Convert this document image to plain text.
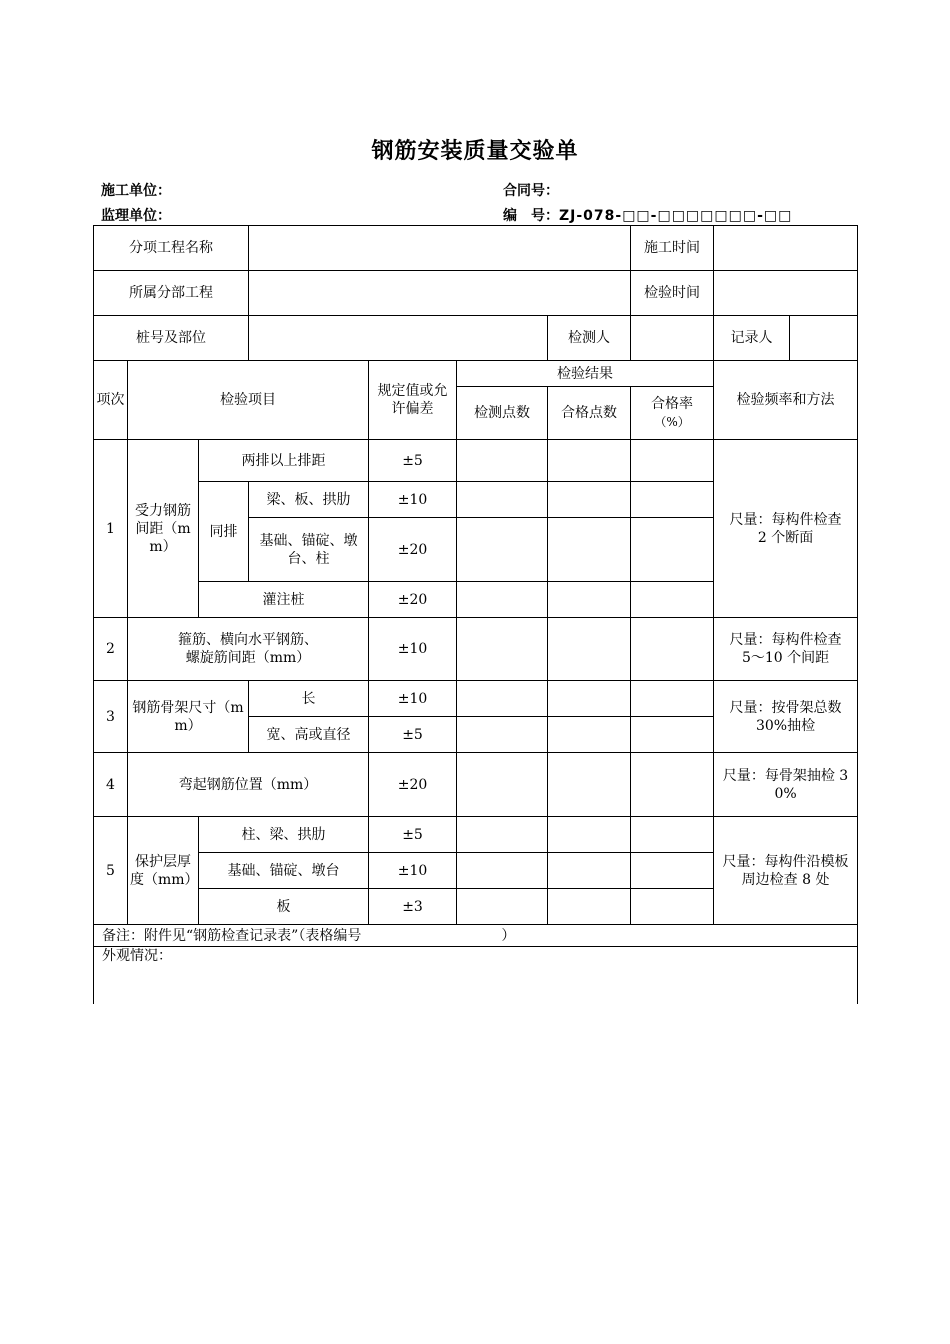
钢筋安装质量交验单
施工单位：	合同号：
监理单位：	编　号：ZJ-078-□□-□□□□□□□-□□
分项工程名称							施工时间		
所属分部工程							检验时间		
桩号及部位						检测人		记录人	
项次	检验项目			规定值或允许偏差	检验结果			检验频率和方法	
					检测点数	合格点数	合格率
（%）		
1	受力钢筋间距（mm）	两排以上排距		±5				尺量：每构件检查
2 个断面	
		同排	梁、板、拱肋	±10					
			基础、锚碇、墩台、柱	±20					
		灌注桩		±20					
2	箍筋、横向水平钢筋、
螺旋筋间距（mm）			±10				尺量：每构件检查
5～10 个间距	
3	钢筋骨架尺寸（mm）		长	±10				尺量：按骨架总数
30%抽检	
			宽、高或直径	±5					
4	弯起钢筋位置（mm）			±20				尺量：每骨架抽检 30%	
5	保护层厚度（mm）	柱、梁、拱肋		±5				尺量：每构件沿模板
周边检查 8 处	
		基础、锚碇、墩台		±10					
		板		±3					
备注：附件见“钢筋检查记录表”（表格编号　　　　　　　　　　）									
外观情况：									
